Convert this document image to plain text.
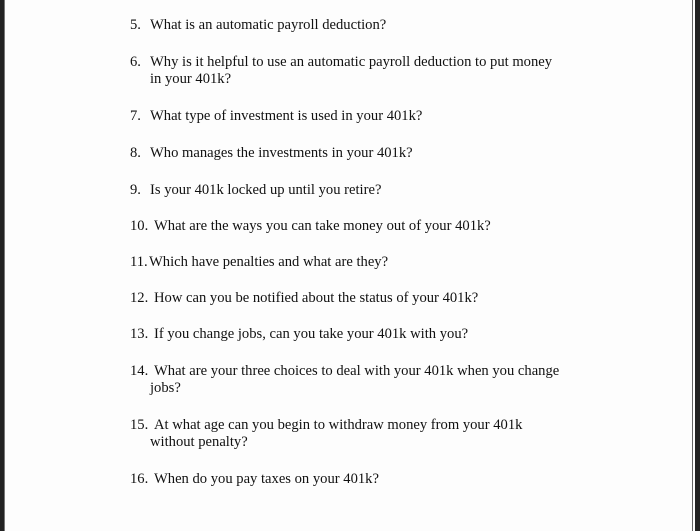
5. What is an automatic payroll deduction?
6. Why is it helpful to use an automatic payroll deduction to put money
in your 401k?
7. What type of investment is used in your 401k?
8. Who manages the investments in your 401k?
9. Is your 401k locked up until you retire?
10. What are the ways you can take money out of your 401k?
11. Which have penalties and what are they?
12. How can you be notified about the status of your 401k?
13. If you change jobs, can you take your 401k with you?
14. What are your three choices to deal with your 401k when you change
jobs?
15. At what age can you begin to withdraw money from your 401k
without penalty?
16. When do you pay taxes on your 401k?
